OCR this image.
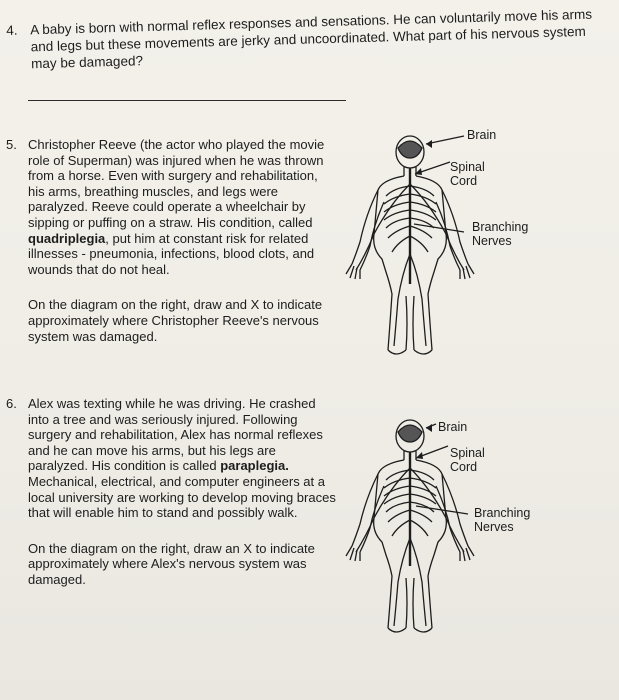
4. A baby is born with normal reflex responses and sensations. He can voluntarily move his arms and legs but these movements are jerky and uncoordinated. What part of his nervous system may be damaged?
5. Christopher Reeve (the actor who played the movie role of Superman) was injured when he was thrown from a horse. Even with surgery and rehabilitation, his arms, breathing muscles, and legs were paralyzed. Reeve could operate a wheelchair by sipping or puffing on a straw. His condition, called quadriplegia, put him at constant risk for related illnesses - pneumonia, infections, blood clots, and wounds that do not heal.

On the diagram on the right, draw and X to indicate approximately where Christopher Reeve's nervous system was damaged.

6. Alex was texting while he was driving. He crashed into a tree and was seriously injured. Following surgery and rehabilitation, Alex has normal reflexes and he can move his arms, but his legs are paralyzed. His condition is called paraplegia. Mechanical, electrical, and computer engineers at a local university are working to develop moving braces that will enable him to stand and possibly walk.

On the diagram on the right, draw an X to indicate approximately where Alex's nervous system was damaged.

Brain
Spinal
Cord
Branching
Nerves
Brain
Spinal
Cord
Branching
Nerves
